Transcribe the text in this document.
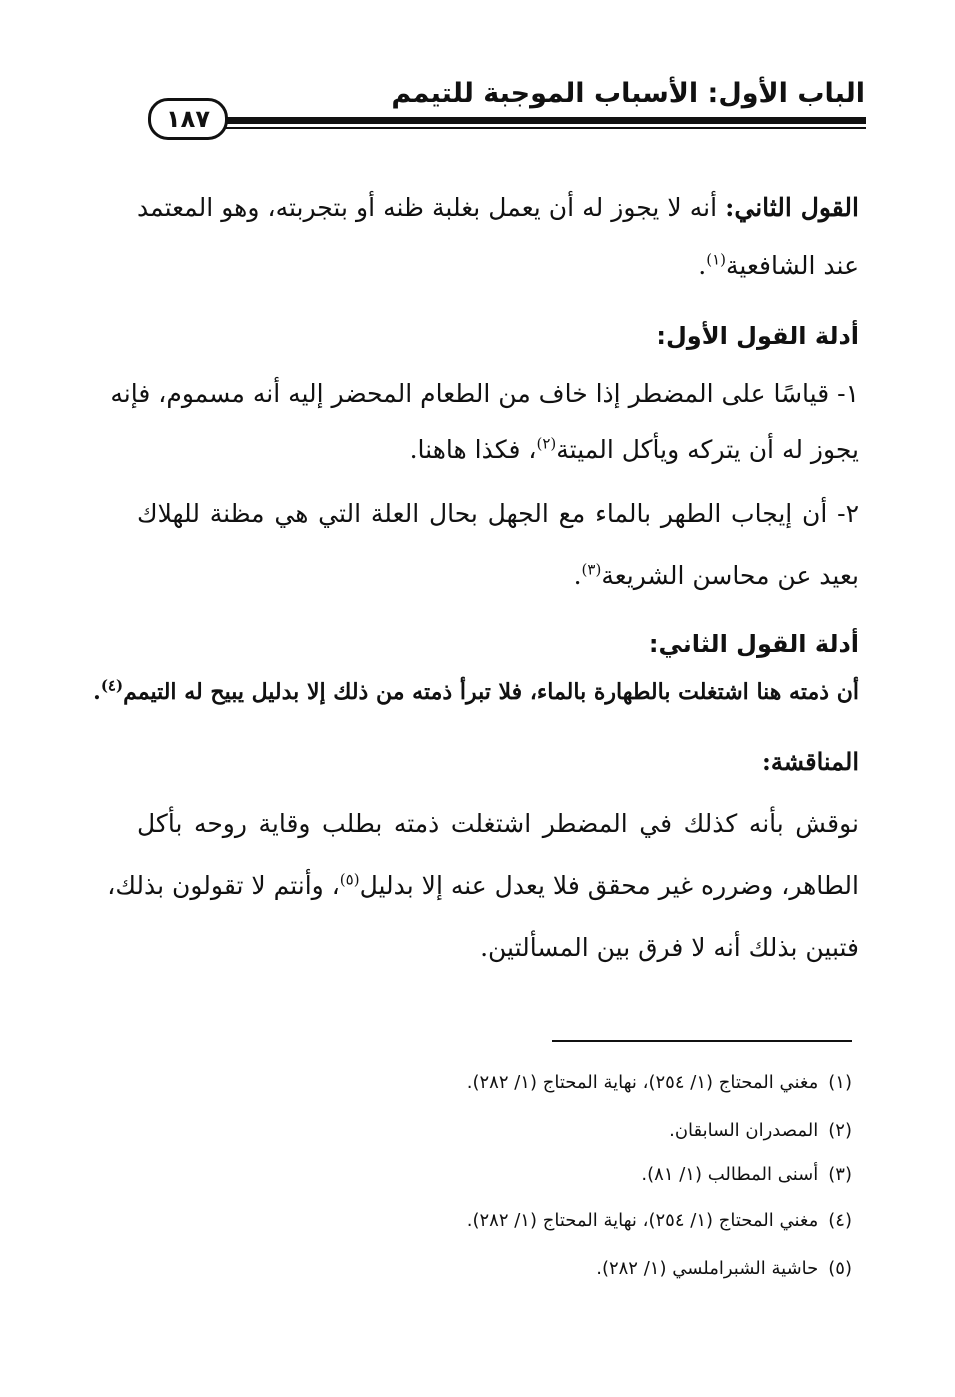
الباب الأول: الأسباب الموجبة للتيمم
١٨٧
القول الثاني: أنه لا يجوز له أن يعمل بغلبة ظنه أو بتجربته، وهو المعتمد
عند الشافعية$^{(١)}$.
أدلة القول الأول:
١- قياسًا على المضطر إذا خاف من الطعام المحضر إليه أنه مسموم، فإنه
يجوز له أن يتركه ويأكل الميتة$^{(٢)}$، فكذا هاهنا.
٢- أن إيجاب الطهر بالماء مع الجهل بحال العلة التي هي مظنة للهلاك
بعيد عن محاسن الشريعة$^{(٣)}$.
أدلة القول الثاني:
أن ذمته هنا اشتغلت بالطهارة بالماء، فلا تبرأ ذمته من ذلك إلا بدليل يبيح له التيمم$^{(٤)}$.
المناقشة:
نوقش بأنه كذلك في المضطر اشتغلت ذمته بطلب وقاية روحه بأكل
الطاهر، وضرره غير محقق فلا يعدل عنه إلا بدليل$^{(٥)}$، وأنتم لا تقولون بذلك،
فتبين بذلك أنه لا فرق بين المسألتين.
(١)مغني المحتاج (١/ ٢٥٤)، نهاية المحتاج (١/ ٢٨٢).
(٢)المصدران السابقان.
(٣)أسنى المطالب (١/ ٨١).
(٤)مغني المحتاج (١/ ٢٥٤)، نهاية المحتاج (١/ ٢٨٢).
(٥)حاشية الشبراملسي (١/ ٢٨٢).
